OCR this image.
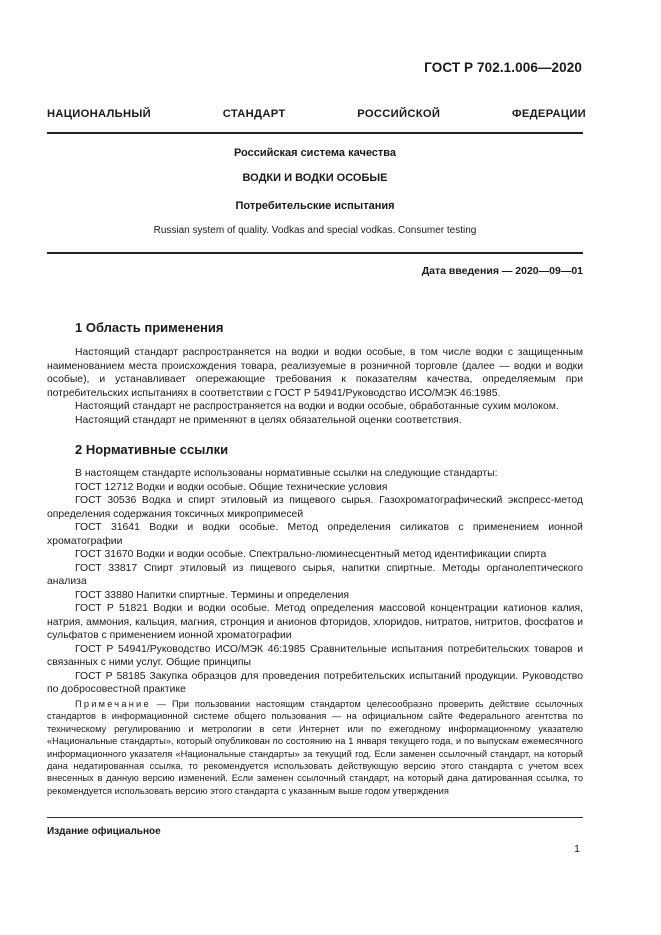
ГОСТ Р 702.1.006—2020
НАЦИОНАЛЬНЫЙ СТАНДАРТ РОССИЙСКОЙ ФЕДЕРАЦИИ
Российская система качества
ВОДКИ И ВОДКИ ОСОБЫЕ
Потребительские испытания
Russian system of quality. Vodkas and special vodkas. Consumer testing
Дата введения — 2020—09—01
1 Область применения

Настоящий стандарт распространяется на водки и водки особые, в том числе водки с защищенным наименованием места происхождения товара, реализуемые в розничной торговле (далее — водки и водки особые), и устанавливает опережающие требования к показателям качества, определяемым при потребительских испытаниях в соответствии с ГОСТ Р 54941/Руководство ИСО/МЭК 46:1985.

Настоящий стандарт не распространяется на водки и водки особые, обработанные сухим молоком.

Настоящий стандарт не применяют в целях обязательной оценки соответствия.

2 Нормативные ссылки

В настоящем стандарте использованы нормативные ссылки на следующие стандарты:

ГОСТ 12712 Водки и водки особые. Общие технические условия

ГОСТ 30536 Водка и спирт этиловый из пищевого сырья. Газохроматографический экспресс-метод определения содержания токсичных микропримесей

ГОСТ 31641 Водки и водки особые. Метод определения силикатов с применением ионной хроматографии

ГОСТ 31670 Водки и водки особые. Спектрально-люминесцентный метод идентификации спирта

ГОСТ 33817 Спирт этиловый из пищевого сырья, напитки спиртные. Методы органолептического анализа

ГОСТ 33880 Напитки спиртные. Термины и определения

ГОСТ Р 51821 Водки и водки особые. Метод определения массовой концентрации катионов калия, натрия, аммония, кальция, магния, стронция и анионов фторидов, хлоридов, нитратов, нитритов, фосфатов и сульфатов с применением ионной хроматографии

ГОСТ Р 54941/Руководство ИСО/МЭК 46:1985 Сравнительные испытания потребительских товаров и связанных с ними услуг. Общие принципы

ГОСТ Р 58185 Закупка образцов для проведения потребительских испытаний продукции. Руководство по добросовестной практике

Примечание — При пользовании настоящим стандартом целесообразно проверить действие ссылочных стандартов в информационной системе общего пользования — на официальном сайте Федерального агентства по техническому регулированию и метрологии в сети Интернет или по ежегодному информационному указателю «Национальные стандарты», который опубликован по состоянию на 1 января текущего года, и по выпускам ежемесячного информационного указателя «Национальные стандарты» за текущий год. Если заменен ссылочный стандарт, на который дана недатированная ссылка, то рекомендуется использовать действующую версию этого стандарта с учетом всех внесенных в данную версию изменений. Если заменен ссылочный стандарт, на который дана датированная ссылка, то рекомендуется использовать версию этого стандарта с указанным выше годом утверждения
Издание официальное
1
